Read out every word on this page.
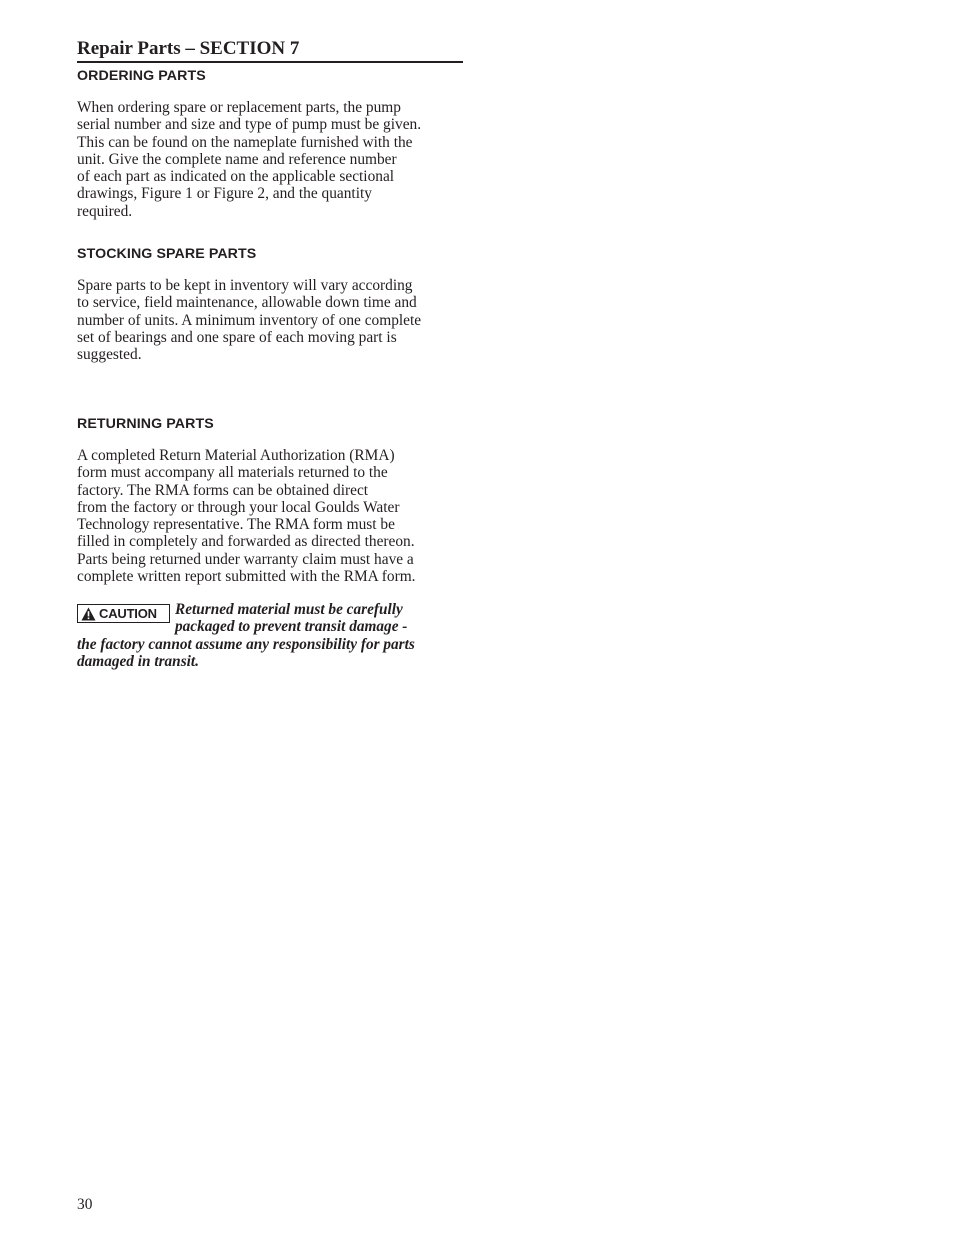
Repair Parts – SECTION 7
ORDERING PARTS

When ordering spare or replacement parts, the pump
serial number and size and type of pump must be given.
This can be found on the nameplate furnished with the
unit. Give the complete name and reference number
of each part as indicated on the applicable sectional
drawings, Figure 1 or Figure 2, and the quantity
required.

STOCKING SPARE PARTS

Spare parts to be kept in inventory will vary according
to service, field maintenance, allowable down time and
number of units. A minimum inventory of one complete
set of bearings and one spare of each moving part is
suggested.

RETURNING PARTS

A completed Return Material Authorization (RMA)
form must accompany all materials returned to the
factory. The RMA forms can be obtained direct
from the factory or through your local Goulds Water
Technology representative. The RMA form must be
filled in completely and forwarded as directed thereon.
Parts being returned under warranty claim must have a
complete written report submitted with the RMA form.

CAUTION	Returned material must be carefully
packaged to prevent transit damage -
the factory cannot assume any responsibility for parts
damaged in transit.

30
